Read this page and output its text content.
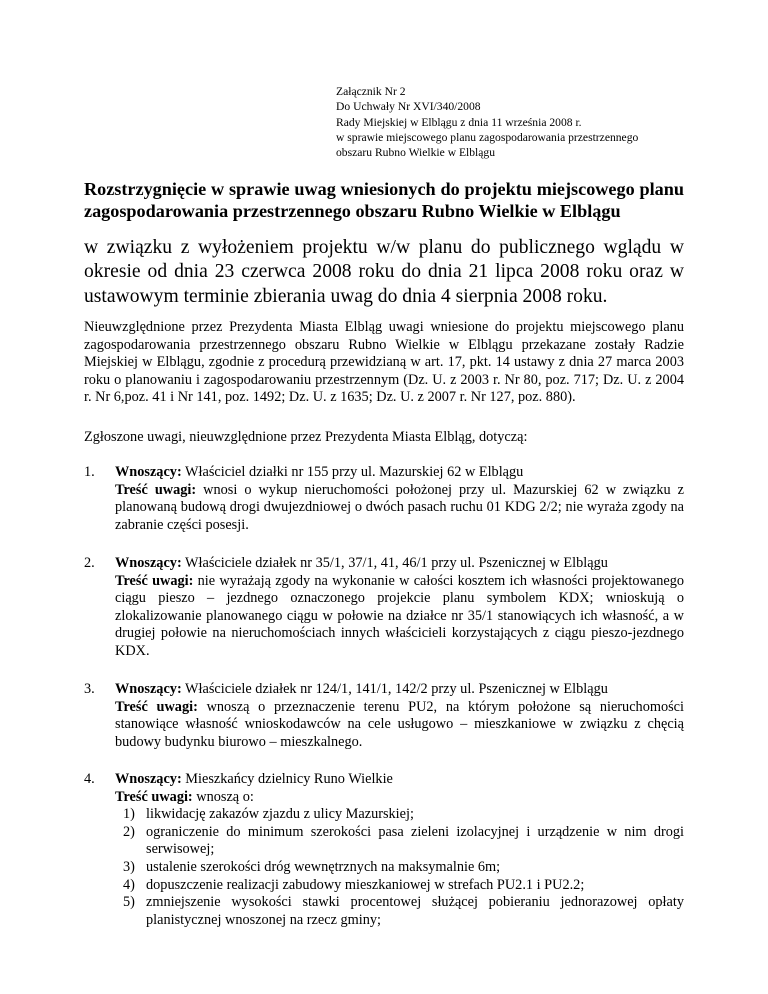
Załącznik Nr 2
Do Uchwały Nr XVI/340/2008
Rady Miejskiej w Elblągu z dnia 11 września 2008 r.
w sprawie miejscowego planu zagospodarowania przestrzennego
obszaru Rubno Wielkie w Elblągu
Rozstrzygnięcie w sprawie uwag wniesionych do projektu miejscowego planu zagospodarowania przestrzennego obszaru Rubno Wielkie w Elblągu
w związku z wyłożeniem projektu w/w planu do publicznego wglądu w okresie od dnia 23 czerwca 2008 roku do dnia 21 lipca 2008 roku oraz w ustawowym terminie zbierania uwag do dnia 4 sierpnia 2008 roku.
Nieuwzględnione przez Prezydenta Miasta Elbląg uwagi wniesione do projektu miejscowego planu zagospodarowania przestrzennego obszaru Rubno Wielkie w Elblągu przekazane zostały Radzie Miejskiej w Elblągu, zgodnie z procedurą przewidzianą w art. 17, pkt. 14 ustawy z dnia 27 marca 2003 roku o planowaniu i zagospodarowaniu przestrzennym (Dz. U. z 2003 r. Nr 80, poz. 717; Dz. U. z 2004 r. Nr 6,poz. 41 i Nr 141, poz. 1492; Dz. U. z 1635; Dz. U. z 2007 r. Nr 127, poz. 880).
Zgłoszone uwagi, nieuwzględnione przez Prezydenta Miasta Elbląg, dotyczą:
1. Wnoszący: Właściciel działki nr 155 przy ul. Mazurskiej 62 w Elblągu
Treść uwagi: wnosi o wykup nieruchomości położonej przy ul. Mazurskiej 62 w związku z planowaną budową drogi dwujezdniowej o dwóch pasach ruchu 01 KDG 2/2; nie wyraża zgody na zabranie części posesji.
2. Wnoszący: Właściciele działek nr 35/1, 37/1, 41, 46/1 przy ul. Pszenicznej w Elblągu
Treść uwagi: nie wyrażają zgody na wykonanie w całości kosztem ich własności projektowanego ciągu pieszo – jezdnego oznaczonego projekcie planu symbolem KDX; wnioskują o zlokalizowanie planowanego ciągu w połowie na działce nr 35/1 stanowiących ich własność, a w drugiej połowie na nieruchomościach innych właścicieli korzystających z ciągu pieszo-jezdnego KDX.
3. Wnoszący: Właściciele działek nr 124/1, 141/1, 142/2 przy ul. Pszenicznej w Elblągu
Treść uwagi: wnoszą o przeznaczenie terenu PU2, na którym położone są nieruchomości stanowiące własność wnioskodawców na cele usługowo – mieszkaniowe w związku z chęcią budowy budynku biurowo – mieszkalnego.
4. Wnoszący: Mieszkańcy dzielnicy Runo Wielkie
Treść uwagi: wnoszą o:
1) likwidację zakazów zjazdu z ulicy Mazurskiej;
2) ograniczenie do minimum szerokości pasa zieleni izolacyjnej i urządzenie w nim drogi serwisowej;
3) ustalenie szerokości dróg wewnętrznych na maksymalnie 6m;
4) dopuszczenie realizacji zabudowy mieszkaniowej w strefach PU2.1 i PU2.2;
5) zmniejszenie wysokości stawki procentowej służącej pobieraniu jednorazowej opłaty planistycznej wnoszonej na rzecz gminy;
